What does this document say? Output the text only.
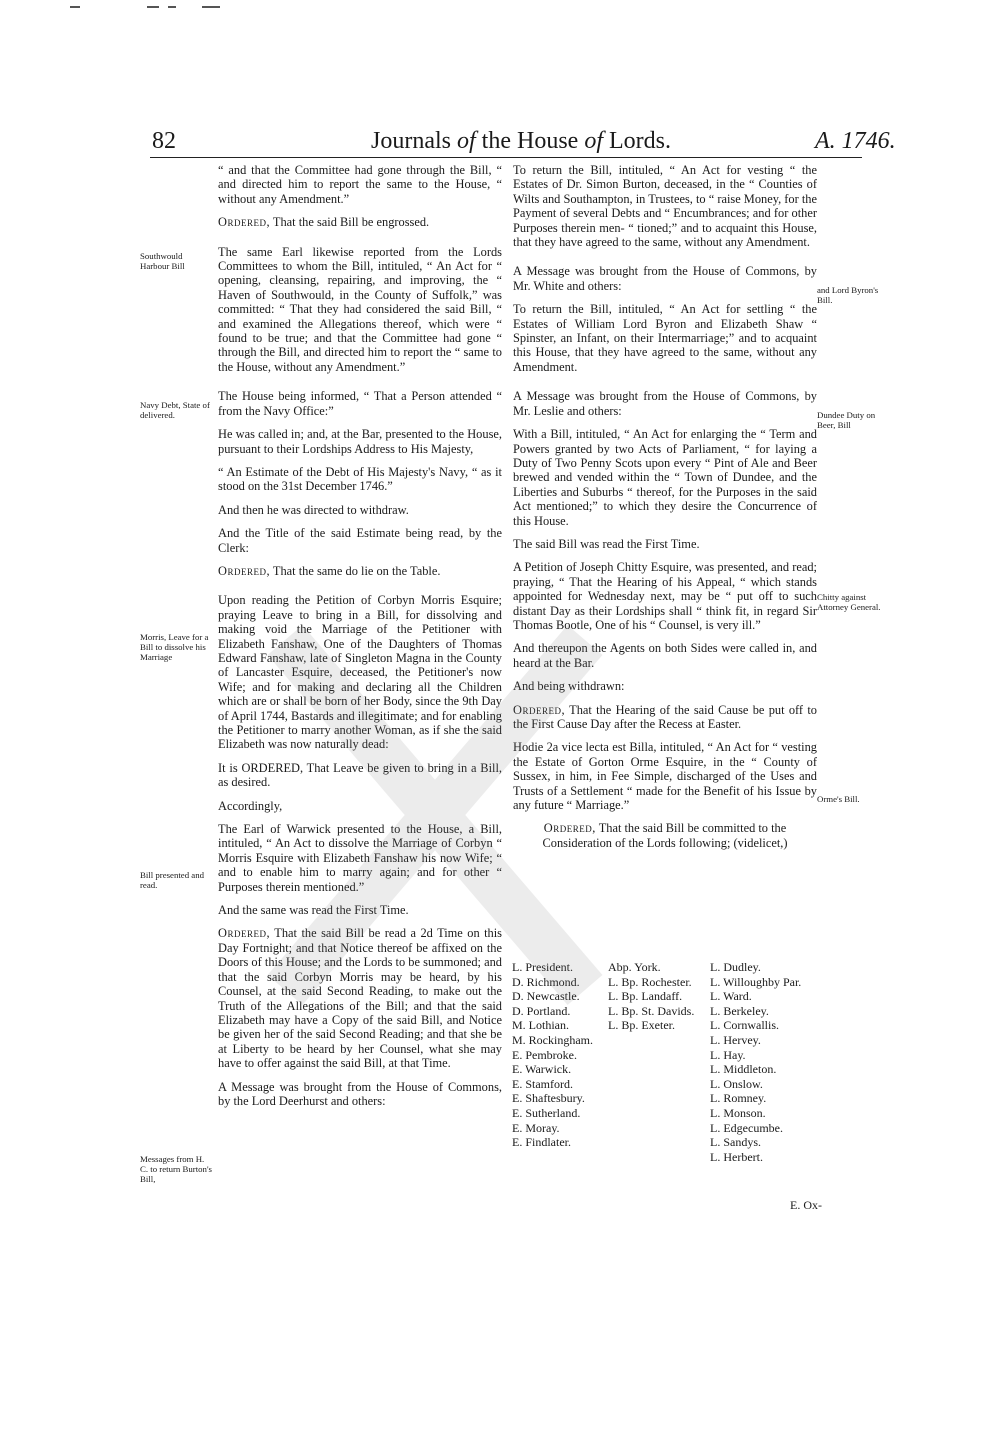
82	Journals of the House of Lords.	A. 1746.
Southwould Harbour Bill
Navy Debt, State of delivered.
Morris, Leave for a Bill to dissolve his Marriage
Bill presented and read.
Messages from H. C. to return Burton's Bill,
and Lord Byron's Bill.
Dundee Duty on Beer, Bill
Chitty against Attorney General.
Orme's Bill.

“ and that the Committee had gone through the Bill, “ and directed him to report the same to the House, “ without any Amendment.”

Ordered, That the said Bill be engrossed.

The same Earl likewise reported from the Lords Committees to whom the Bill, intituled, “ An Act for “ opening, cleansing, repairing, and improving, the “ Haven of Southwould, in the County of Suffolk,” was committed: “ That they had considered the said Bill, “ and examined the Allegations thereof, which were “ found to be true; and that the Committee had gone “ through the Bill, and directed him to report the “ same to the House, without any Amendment.”

The House being informed, “ That a Person attended “ from the Navy Office:”

He was called in; and, at the Bar, presented to the House, pursuant to their Lordships Address to His Majesty,

“ An Estimate of the Debt of His Majesty's Navy, “ as it stood on the 31st December 1746.”

And then he was directed to withdraw.

And the Title of the said Estimate being read, by the Clerk:

Ordered, That the same do lie on the Table.

Upon reading the Petition of Corbyn Morris Esquire; praying Leave to bring in a Bill, for dissolving and making void the Marriage of the Petitioner with Elizabeth Fanshaw, One of the Daughters of Thomas Edward Fanshaw, late of Singleton Magna in the County of Lancaster Esquire, deceased, the Petitioner's now Wife; and for making and declaring all the Children which are or shall be born of her Body, since the 9th Day of April 1744, Bastards and illegitimate; and for enabling the Petitioner to marry another Woman, as if she the said Elizabeth was now naturally dead:

It is ORDERED, That Leave be given to bring in a Bill, as desired.

Accordingly,

The Earl of Warwick presented to the House, a Bill, intituled, “ An Act to dissolve the Marriage of Corbyn “ Morris Esquire with Elizabeth Fanshaw his now Wife; “ and to enable him to marry again; and for other “ Purposes therein mentioned.”

And the same was read the First Time.

Ordered, That the said Bill be read a 2d Time on this Day Fortnight; and that Notice thereof be affixed on the Doors of this House; and the Lords to be summoned; and that the said Corbyn Morris may be heard, by his Counsel, at the said Second Reading, to make out the Truth of the Allegations of the Bill; and that the said Elizabeth may have a Copy of the said Bill, and Notice be given her of the said Second Reading; and that she be at Liberty to be heard by her Counsel, what she may have to offer against the said Bill, at that Time.

A Message was brought from the House of Commons, by the Lord Deerhurst and others:

To return the Bill, intituled, “ An Act for vesting “ the Estates of Dr. Simon Burton, deceased, in the “ Counties of Wilts and Southampton, in Trustees, to “ raise Money, for the Payment of several Debts and “ Encumbrances; and for other Purposes therein men- “ tioned;” and to acquaint this House, that they have agreed to the same, without any Amendment.

A Message was brought from the House of Commons, by Mr. White and others:

To return the Bill, intituled, “ An Act for settling “ the Estates of William Lord Byron and Elizabeth Shaw “ Spinster, an Infant, on their Intermarriage;” and to acquaint this House, that they have agreed to the same, without any Amendment.

A Message was brought from the House of Commons, by Mr. Leslie and others:

With a Bill, intituled, “ An Act for enlarging the “ Term and Powers granted by two Acts of Parliament, “ for laying a Duty of Two Penny Scots upon every “ Pint of Ale and Beer brewed and vended within the “ Town of Dundee, and the Liberties and Suburbs “ thereof, for the Purposes in the said Act mentioned;” to which they desire the Concurrence of this House.

The said Bill was read the First Time.

A Petition of Joseph Chitty Esquire, was presented, and read; praying, “ That the Hearing of his Appeal, “ which stands appointed for Wednesday next, may be “ put off to such distant Day as their Lordships shall “ think fit, in regard Sir Thomas Bootle, One of his “ Counsel, is very ill.”

And thereupon the Agents on both Sides were called in, and heard at the Bar.

And being withdrawn:

Ordered, That the Hearing of the said Cause be put off to the First Cause Day after the Recess at Easter.

Hodie 2a vice lecta est Billa, intituled, “ An Act for “ vesting the Estate of Gorton Orme Esquire, in the “ County of Sussex, in him, in Fee Simple, discharged of the Uses and Trusts of a Settlement “ made for the Benefit of his Issue by any future “ Marriage.”

Ordered, That the said Bill be committed to the Consideration of the Lords following; (videlicet,)

L. President.
D. Richmond.
D. Newcastle.
D. Portland.
M. Lothian.
M. Rockingham.
E. Pembroke.
E. Warwick.
E. Stamford.
E. Shaftesbury.
E. Sutherland.
E. Moray.
E. Findlater.
Abp. York.
L. Bp. Rochester.
L. Bp. Landaff.
L. Bp. St. Davids.
L. Bp. Exeter.
L. Dudley.
L. Willoughby Par.
L. Ward.
L. Berkeley.
L. Cornwallis.
L. Hervey.
L. Hay.
L. Middleton.
L. Onslow.
L. Romney.
L. Monson.
L. Edgecumbe.
L. Sandys.
L. Herbert.
E. Ox-
